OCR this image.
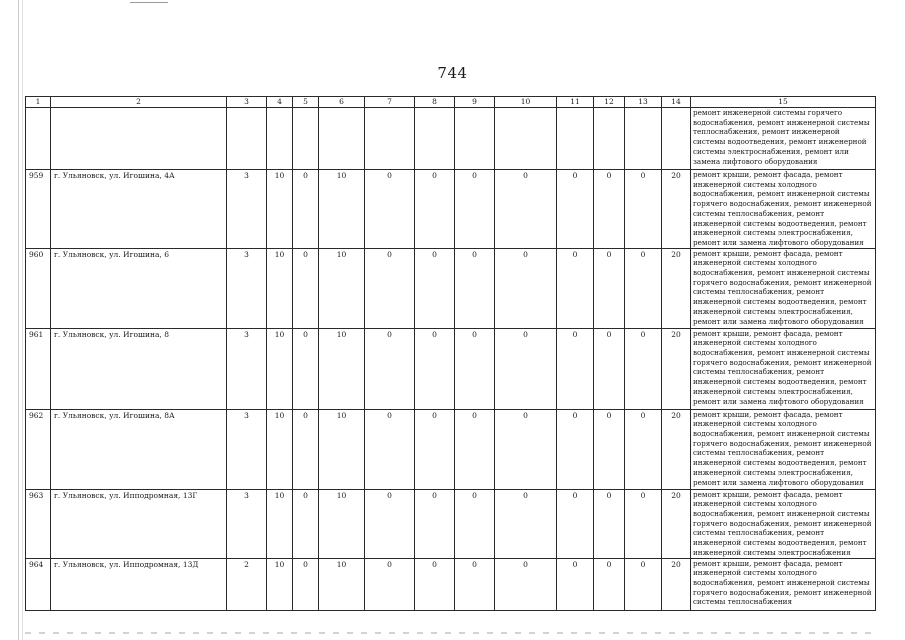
744
1	2	3	4	5	6	7	8	9	10	11	12	13	14	15
														ремонт инженерной системы горячего водоснабжения, ремонт инженерной системы теплоснабжения, ремонт инженерной системы водоотведения, ремонт инженерной системы электроснабжения, ремонт или замена лифтового оборудования
959	г. Ульяновск, ул. Игошина, 4А	3	10	0	10	0	0	0	0	0	0	0	20	ремонт крыши, ремонт фасада, ремонт инженерной системы холодного водоснабжения, ремонт инженерной системы горячего водоснабжения, ремонт инженерной системы теплоснабжения, ремонт инженерной системы водоотведения, ремонт инженерной системы электроснабжения, ремонт или замена лифтового оборудования
960	г. Ульяновск, ул. Игошина, 6	3	10	0	10	0	0	0	0	0	0	0	20	ремонт крыши, ремонт фасада, ремонт инженерной системы холодного водоснабжения, ремонт инженерной системы горячего водоснабжения, ремонт инженерной системы теплоснабжения, ремонт инженерной системы водоотведения, ремонт инженерной системы электроснабжения, ремонт или замена лифтового оборудования
961	г. Ульяновск, ул. Игошина, 8	3	10	0	10	0	0	0	0	0	0	0	20	ремонт крыши, ремонт фасада, ремонт инженерной системы холодного водоснабжения, ремонт инженерной системы горячего водоснабжения, ремонт инженерной системы теплоснабжения, ремонт инженерной системы водоотведения, ремонт инженерной системы электроснабжения, ремонт или замена лифтового оборудования
962	г. Ульяновск, ул. Игошина, 8А	3	10	0	10	0	0	0	0	0	0	0	20	ремонт крыши, ремонт фасада, ремонт инженерной системы холодного водоснабжения, ремонт инженерной системы горячего водоснабжения, ремонт инженерной системы теплоснабжения, ремонт инженерной системы водоотведения, ремонт инженерной системы электроснабжения, ремонт или замена лифтового оборудования
963	г. Ульяновск, ул. Ипподромная, 13Г	3	10	0	10	0	0	0	0	0	0	0	20	ремонт крыши, ремонт фасада, ремонт инженерной системы холодного водоснабжения, ремонт инженерной системы горячего водоснабжения, ремонт инженерной системы теплоснабжения, ремонт инженерной системы водоотведения, ремонт инженерной системы электроснабжения
964	г. Ульяновск, ул. Ипподромная, 13Д	2	10	0	10	0	0	0	0	0	0	0	20	ремонт крыши, ремонт фасада, ремонт инженерной системы холодного водоснабжения, ремонт инженерной системы горячего водоснабжения, ремонт инженерной системы теплоснабжения
